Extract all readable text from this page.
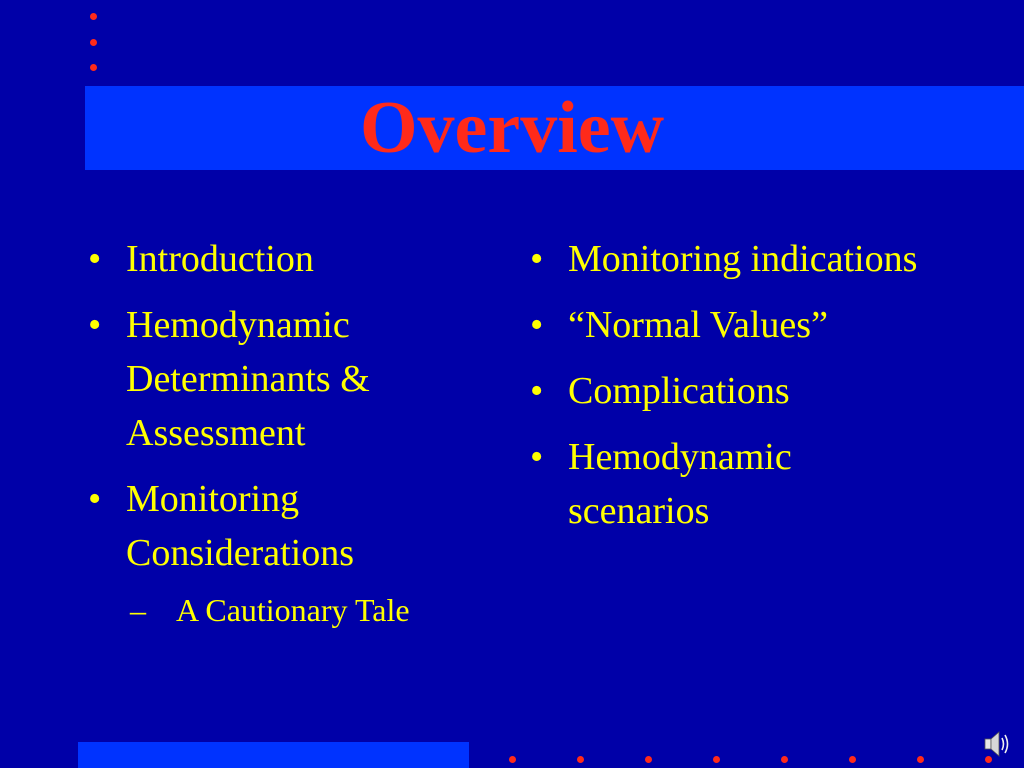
Overview
• Introduction
• Hemodynamic Determinants & Assessment
• Monitoring Considerations
– A Cautionary Tale
• Monitoring indications
• “Normal Values”
• Complications
• Hemodynamic scenarios
